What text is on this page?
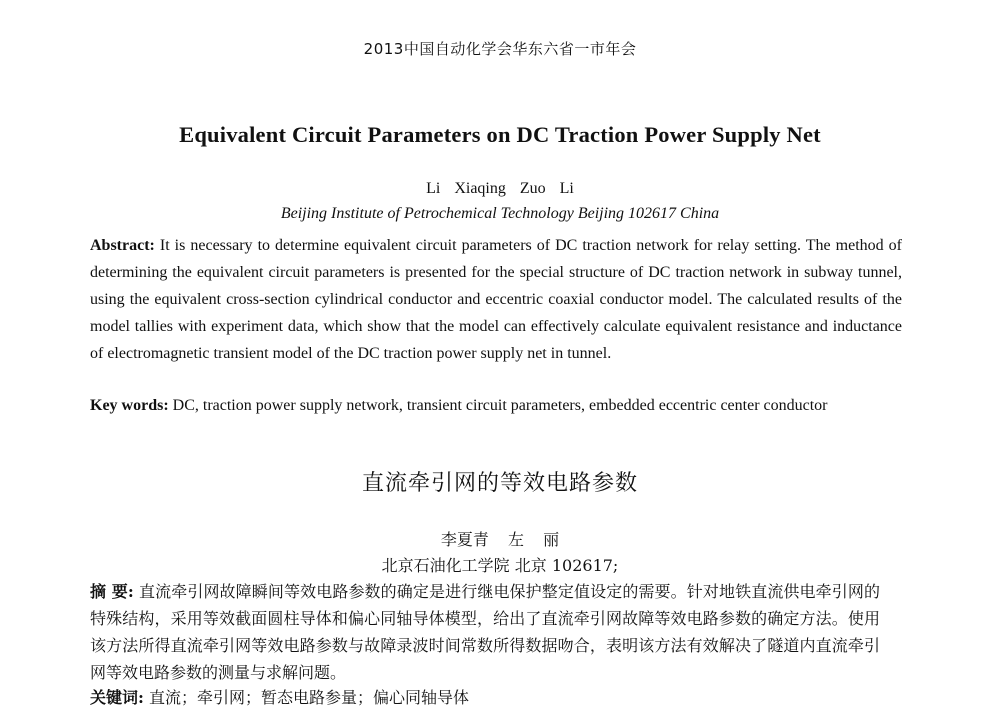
2013中国自动化学会华东六省一市年会
Equivalent Circuit Parameters on DC Traction Power Supply Net
Li Xiaqing Zuo Li
Beijing Institute of Petrochemical Technology Beijing 102617 China
Abstract: It is necessary to determine equivalent circuit parameters of DC traction network for relay setting. The method of determining the equivalent circuit parameters is presented for the special structure of DC traction network in subway tunnel, using the equivalent cross-section cylindrical conductor and eccentric coaxial conductor model. The calculated results of the model tallies with experiment data, which show that the model can effectively calculate equivalent resistance and inductance of electromagnetic transient model of the DC traction power supply net in tunnel.
Key words: DC, traction power supply network, transient circuit parameters, embedded eccentric center conductor
直流牵引网的等效电路参数
李夏青 左 丽
北京石油化工学院 北京 102617;
摘 要: 直流牵引网故障瞬间等效电路参数的确定是进行继电保护整定值设定的需要。针对地铁直流供电牵引网的特殊结构，采用等效截面圆柱导体和偏心同轴导体模型，给出了直流牵引网故障等效电路参数的确定方法。使用该方法所得直流牵引网等效电路参数与故障录波时间常数所得数据吻合，表明该方法有效解决了隧道内直流牵引网等效电路参数的测量与求解问题。
关键词: 直流；牵引网；暂态电路参量；偏心同轴导体
